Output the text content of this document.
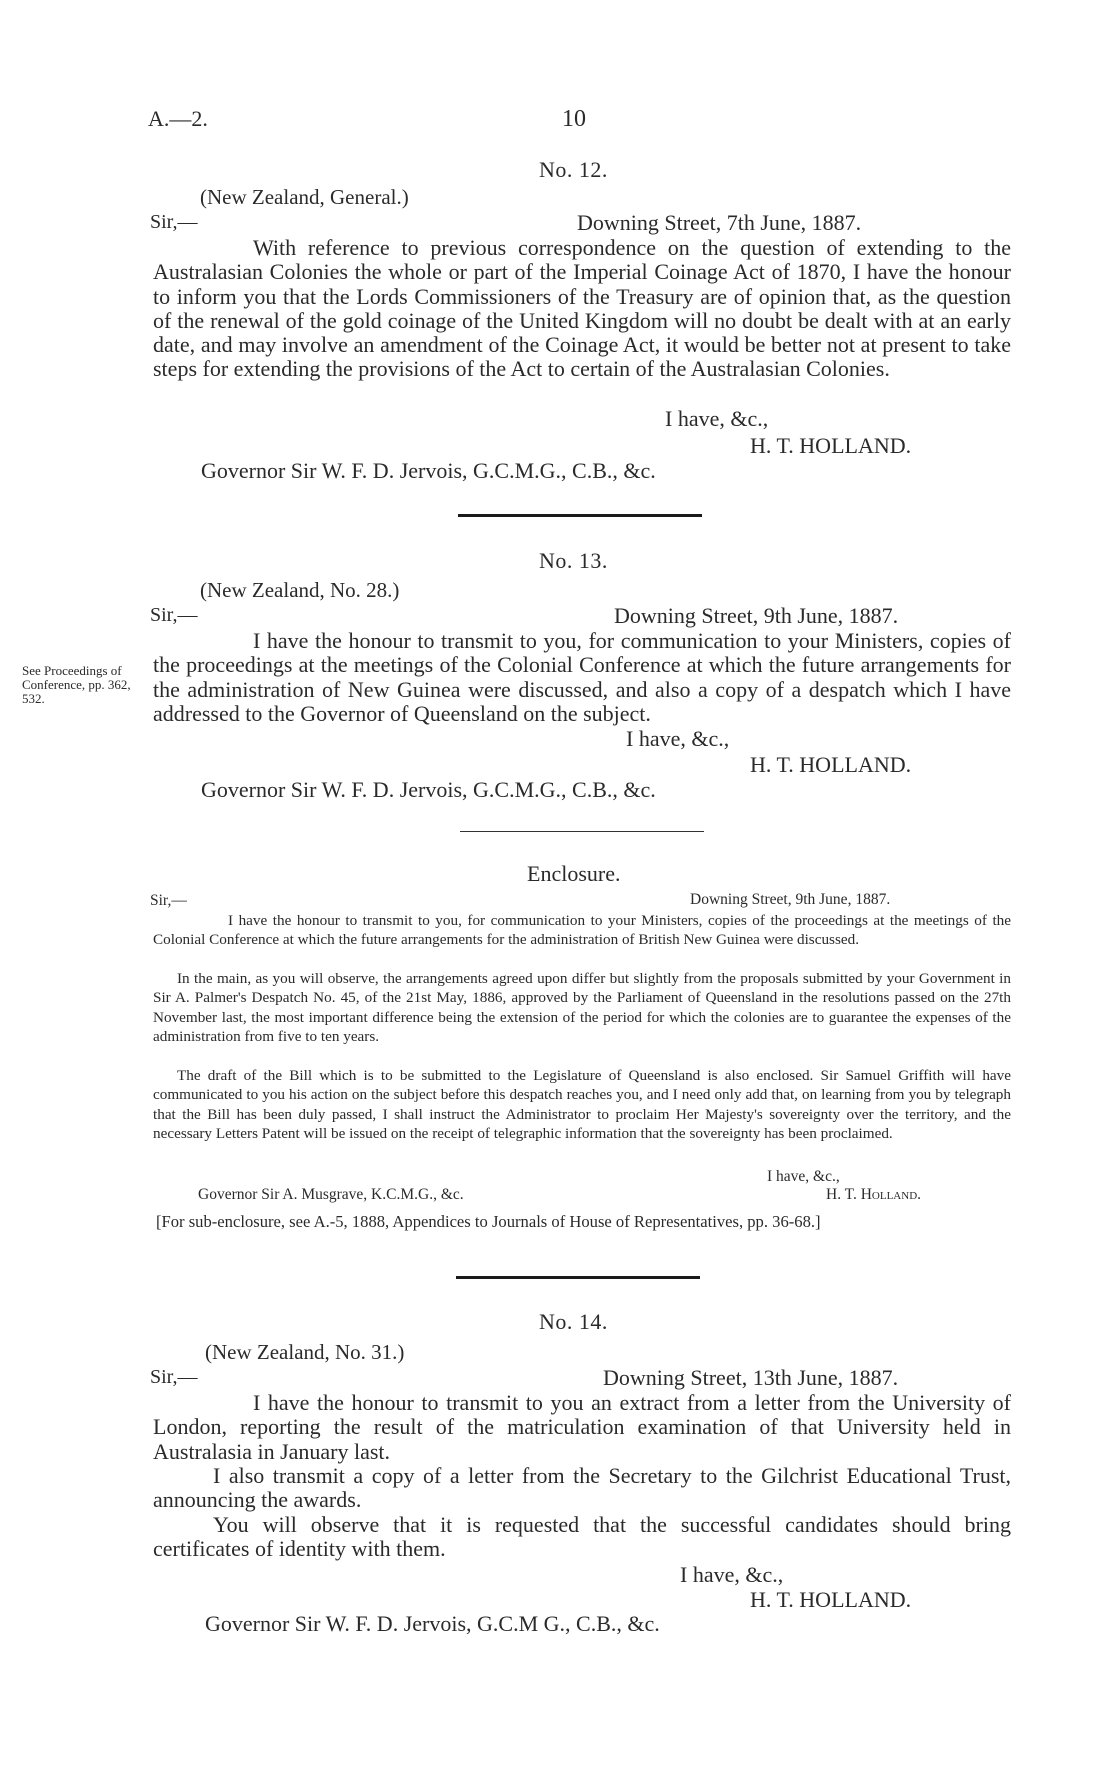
A.—2.	10
No. 12.
(New Zealand, General.)
Sir,—	Downing Street, 7th June, 1887.
With reference to previous correspondence on the question of extending to the Australasian Colonies the whole or part of the Imperial Coinage Act of 1870, I have the honour to inform you that the Lords Commissioners of the Treasury are of opinion that, as the question of the renewal of the gold coinage of the United Kingdom will no doubt be dealt with at an early date, and may involve an amendment of the Coinage Act, it would be better not at present to take steps for extending the provisions of the Act to certain of the Australasian Colonies.
I have, &c.,
H. T. HOLLAND.
Governor Sir W. F. D. Jervois, G.C.M.G., C.B., &c.
No. 13.
(New Zealand, No. 28.)
Sir,—	Downing Street, 9th June, 1887.
See Proceedings of Conference, pp. 362, 532.
I have the honour to transmit to you, for communication to your Ministers, copies of the proceedings at the meetings of the Colonial Conference at which the future arrangements for the administration of New Guinea were discussed, and also a copy of a despatch which I have addressed to the Governor of Queensland on the subject.
I have, &c.,
H. T. HOLLAND.
Governor Sir W. F. D. Jervois, G.C.M.G., C.B., &c.
Enclosure.
Sir,—	Downing Street, 9th June, 1887.
I have the honour to transmit to you, for communication to your Ministers, copies of the proceedings at the meetings of the Colonial Conference at which the future arrangements for the administration of British New Guinea were discussed.
In the main, as you will observe, the arrangements agreed upon differ but slightly from the proposals submitted by your Government in Sir A. Palmer's Despatch No. 45, of the 21st May, 1886, approved by the Parliament of Queensland in the resolutions passed on the 27th November last, the most important difference being the extension of the period for which the colonies are to guarantee the expenses of the administration from five to ten years.
The draft of the Bill which is to be submitted to the Legislature of Queensland is also enclosed. Sir Samuel Griffith will have communicated to you his action on the subject before this despatch reaches you, and I need only add that, on learning from you by telegraph that the Bill has been duly passed, I shall instruct the Administrator to proclaim Her Majesty's sovereignty over the territory, and the necessary Letters Patent will be issued on the receipt of telegraphic information that the sovereignty has been proclaimed.
I have, &c.,
Governor Sir A. Musgrave, K.C.M.G., &c.	H. T. Holland.
[For sub-enclosure, see A.-5, 1888, Appendices to Journals of House of Representatives, pp. 36-68.]
No. 14.
(New Zealand, No. 31.)
Sir,—	Downing Street, 13th June, 1887.
I have the honour to transmit to you an extract from a letter from the University of London, reporting the result of the matriculation examination of that University held in Australasia in January last.
I also transmit a copy of a letter from the Secretary to the Gilchrist Educational Trust, announcing the awards.
You will observe that it is requested that the successful candidates should bring certificates of identity with them.
I have, &c.,
H. T. HOLLAND.
Governor Sir W. F. D. Jervois, G.C.M G., C.B., &c.
